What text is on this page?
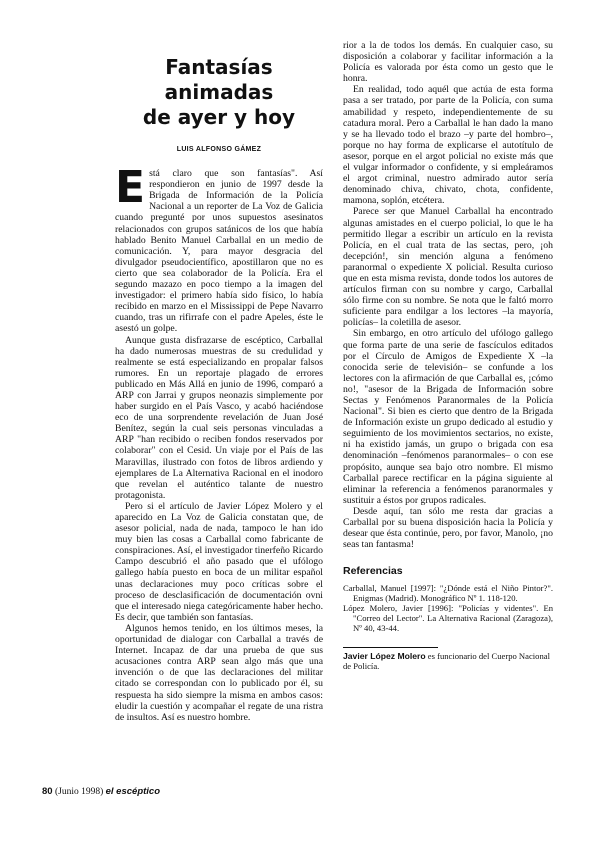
Fantasías animadas
de ayer y hoy
LUIS ALFONSO GÁMEZ

Está claro que son fantasías". Así respondieron en junio de 1997 desde la Brigada de Información de la Policía Nacional a un reporter de La Voz de Galicia cuando pregunté por unos supuestos asesinatos relacionados con grupos satánicos de los que había hablado Benito Manuel Carballal en un medio de comunicación. Y, para mayor desgracia del divulgador pseudocientífico, apostillaron que no es cierto que sea colaborador de la Policía. Era el segundo mazazo en poco tiempo a la imagen del investigador: el primero había sido físico, lo había recibido en marzo en el Mississippi de Pepe Navarro cuando, tras un rifirrafe con el padre Apeles, éste le asestó un golpe.

Aunque gusta disfrazarse de escéptico, Carballal ha dado numerosas muestras de su credulidad y realmente se está especializando en propalar falsos rumores. En un reportaje plagado de errores publicado en Más Allá en junio de 1996, comparó a ARP con Jarrai y grupos neonazis simplemente por haber surgido en el País Vasco, y acabó haciéndose eco de una sorprendente revelación de Juan José Benítez, según la cual seis personas vinculadas a ARP "han recibido o reciben fondos reservados por colaborar" con el Cesid. Un viaje por el País de las Maravillas, ilustrado con fotos de libros ardiendo y ejemplares de La Alternativa Racional en el inodoro que revelan el auténtico talante de nuestro protagonista.

Pero si el artículo de Javier López Molero y el aparecido en La Voz de Galicia constatan que, de asesor policial, nada de nada, tampoco le han ido muy bien las cosas a Carballal como fabricante de conspiraciones. Así, el investigador tinerfeño Ricardo Campo descubrió el año pasado que el ufólogo gallego había puesto en boca de un militar español unas declaraciones muy poco críticas sobre el proceso de desclasificación de documentación ovni que el interesado niega categóricamente haber hecho. Es decir, que también son fantasías.

Algunos hemos tenido, en los últimos meses, la oportunidad de dialogar con Carballal a través de Internet. Incapaz de dar una prueba de que sus acusaciones contra ARP sean algo más que una invención o de que las declaraciones del militar citado se correspondan con lo publicado por él, su respuesta ha sido siempre la misma en ambos casos: eludir la cuestión y acompañar el regate de una ristra de insultos. Así es nuestro hombre.

rior a la de todos los demás. En cualquier caso, su disposición a colaborar y facilitar información a la Policía es valorada por ésta como un gesto que le honra.

En realidad, todo aquél que actúa de esta forma pasa a ser tratado, por parte de la Policía, con suma amabilidad y respeto, independientemente de su catadura moral. Pero a Carballal le han dado la mano y se ha llevado todo el brazo –y parte del hombro–, porque no hay forma de explicarse el autotítulo de asesor, porque en el argot policial no existe más que el vulgar informador o confidente, y si empleáramos el argot criminal, nuestro admirado autor sería denominado chiva, chivato, chota, confidente, mamona, soplón, etcétera.

Parece ser que Manuel Carballal ha encontrado algunas amistades en el cuerpo policial, lo que le ha permitido llegar a escribir un artículo en la revista Policía, en el cual trata de las sectas, pero, ¡oh decepción!, sin mención alguna a fenómeno paranormal o expediente X policial. Resulta curioso que en esta misma revista, donde todos los autores de artículos firman con su nombre y cargo, Carballal sólo firme con su nombre. Se nota que le faltó morro suficiente para endilgar a los lectores –la mayoría, policías– la coletilla de asesor.

Sin embargo, en otro artículo del ufólogo gallego que forma parte de una serie de fascículos editados por el Círculo de Amigos de Expediente X –la conocida serie de televisión– se confunde a los lectores con la afirmación de que Carballal es, ¡cómo no!, "asesor de la Brigada de Información sobre Sectas y Fenómenos Paranormales de la Policía Nacional". Si bien es cierto que dentro de la Brigada de Información existe un grupo dedicado al estudio y seguimiento de los movimientos sectarios, no existe, ni ha existido jamás, un grupo o brigada con esa denominación –fenómenos paranormales– o con ese propósito, aunque sea bajo otro nombre. El mismo Carballal parece rectificar en la página siguiente al eliminar la referencia a fenómenos paranormales y sustituir a éstos por grupos radicales.

Desde aquí, tan sólo me resta dar gracias a Carballal por su buena disposición hacia la Policía y desear que ésta continúe, pero, por favor, Manolo, ¡no seas tan fantasma!

Referencias

Carballal, Manuel [1997]: "¿Dónde está el Niño Pintor?". Enigmas (Madrid). Monográfico Nº 1. 118-120.

López Molero, Javier [1996]: "Policías y videntes". En "Correo del Lector". La Alternativa Racional (Zaragoza), Nº 40, 43-44.

Javier López Molero es funcionario del Cuerpo Nacional de Policía.

80 (Junio 1998) el escéptico
